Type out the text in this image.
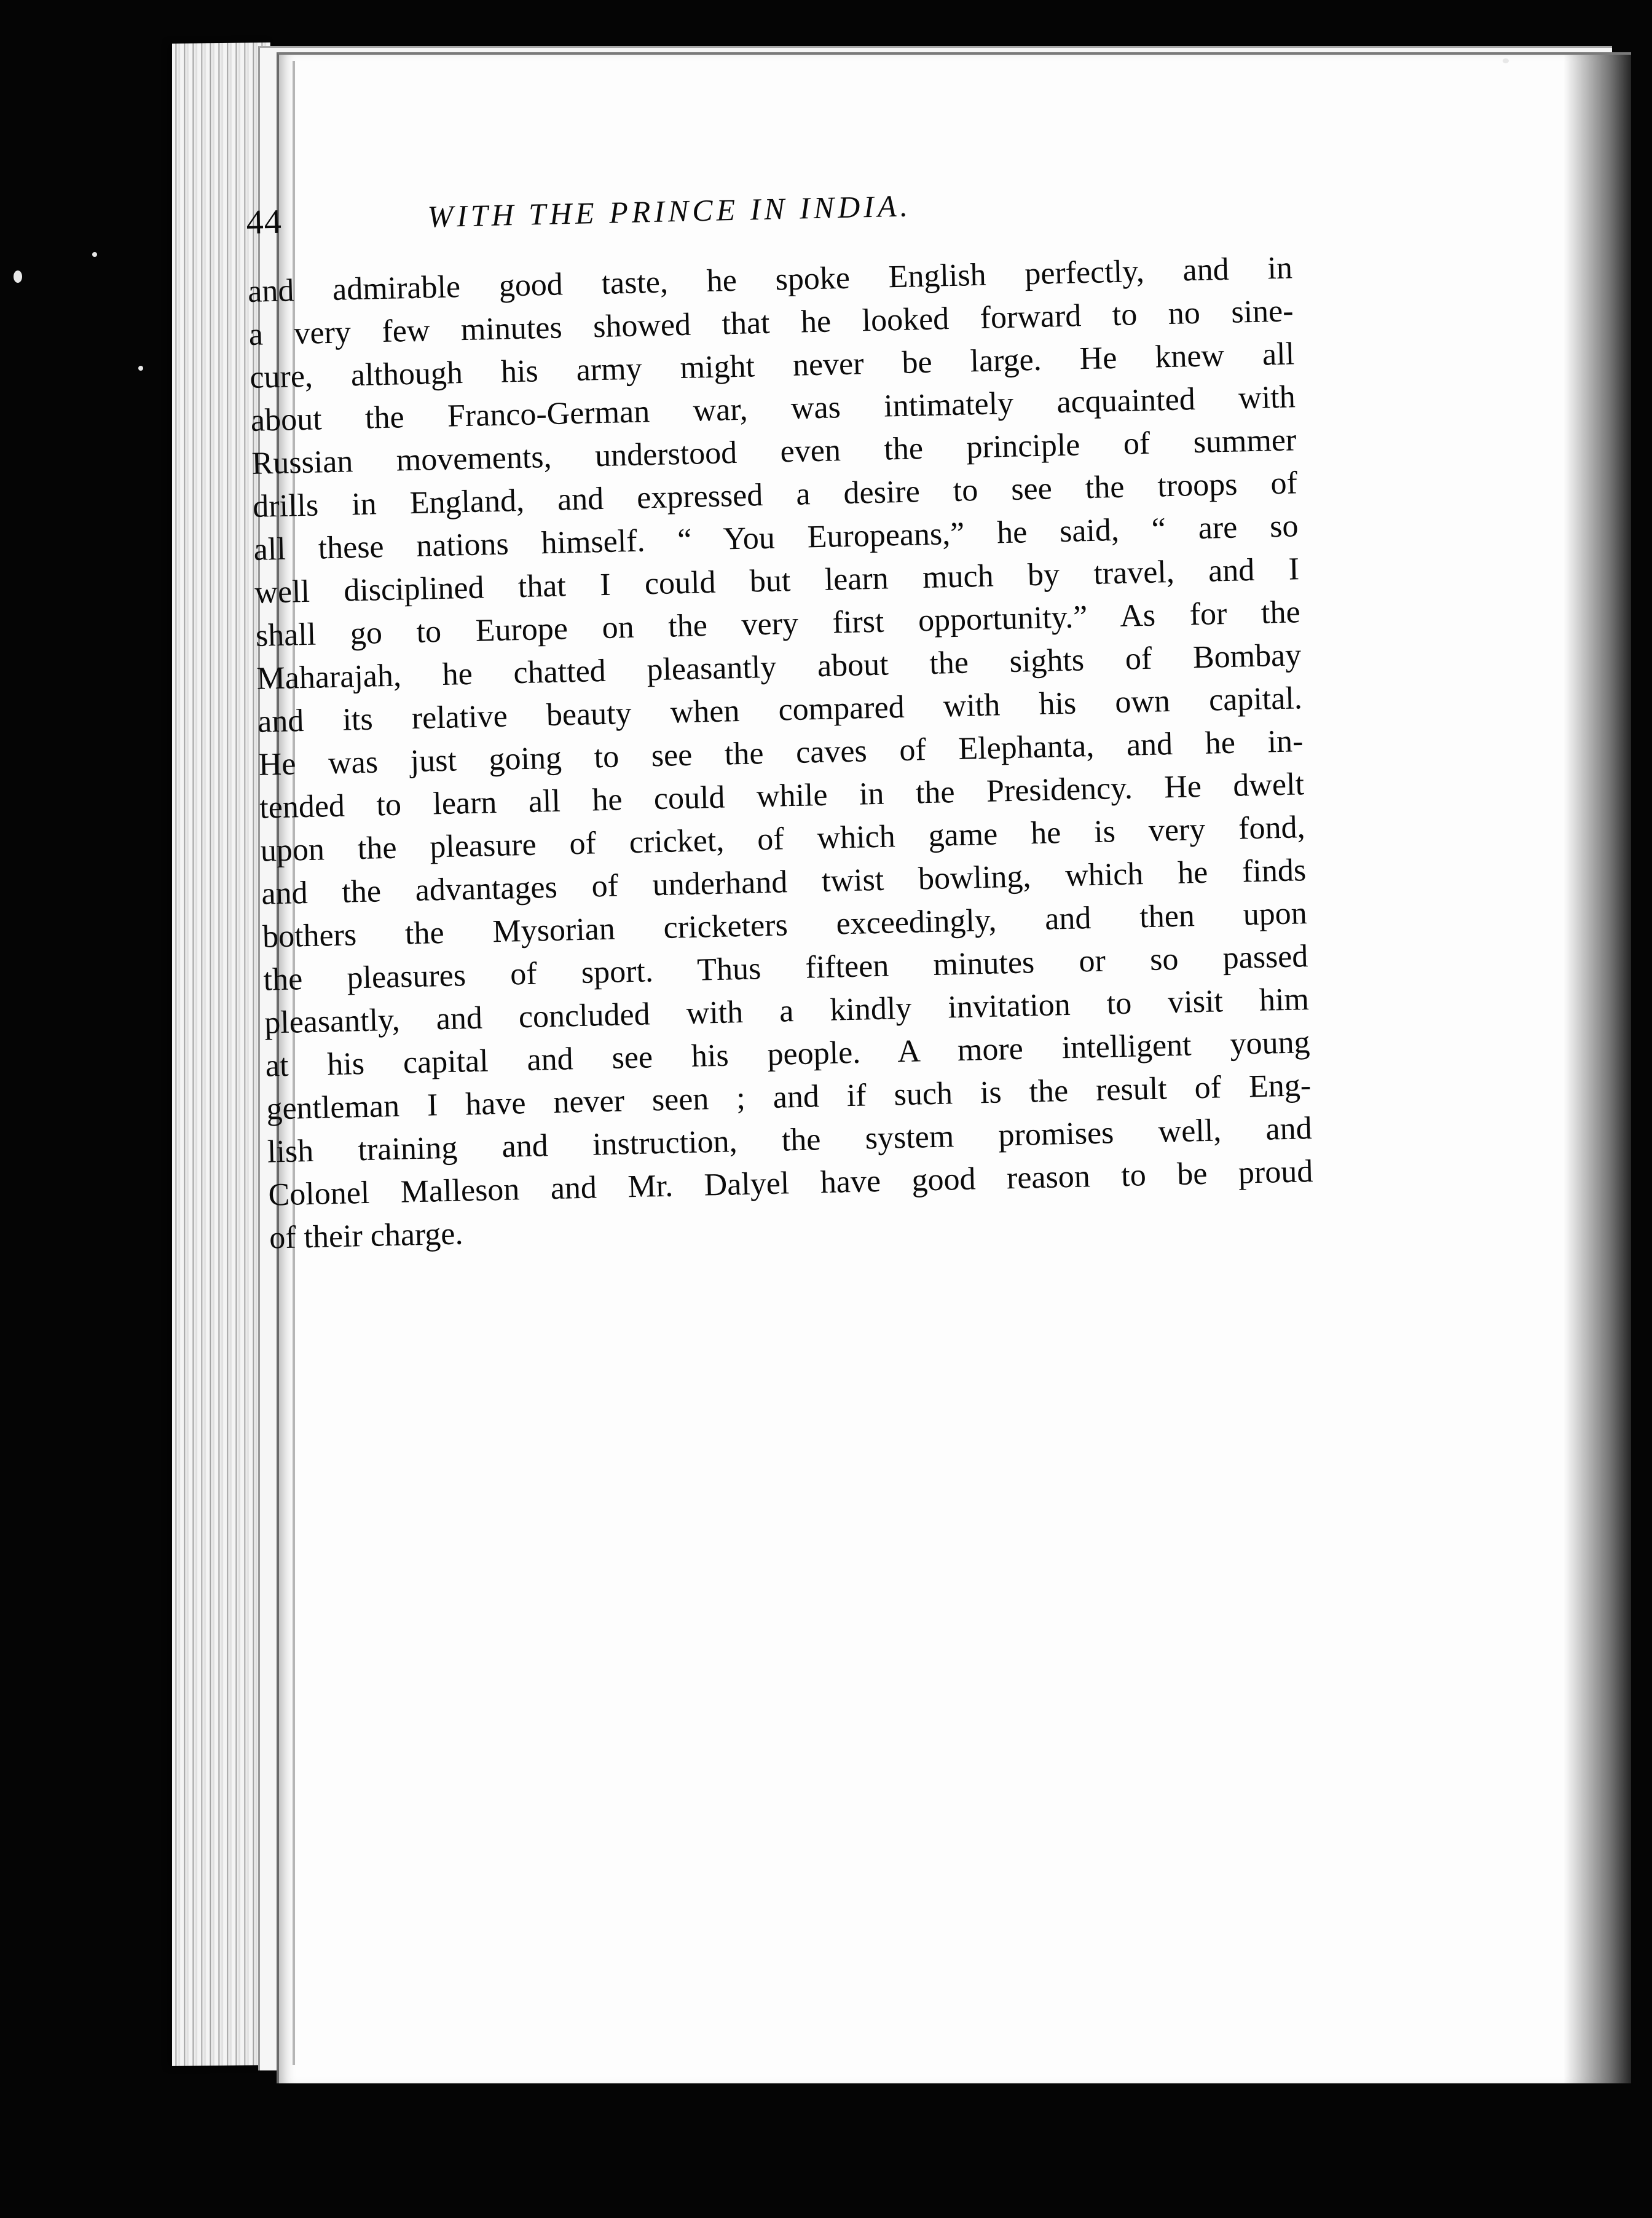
44	WITH THE PRINCE IN INDIA.
and admirable good taste, he spoke English perfectly, and in
a very few minutes showed that he looked forward to no sine-
cure, although his army might never be large. He knew all
about the Franco-German war, was intimately acquainted with
Russian movements, understood even the principle of summer
drills in England, and expressed a desire to see the troops of
all these nations himself. “ You Europeans,” he said, “ are so
well disciplined that I could but learn much by travel, and I
shall go to Europe on the very first opportunity.” As for the
Maharajah, he chatted pleasantly about the sights of Bombay
and its relative beauty when compared with his own capital.
He was just going to see the caves of Elephanta, and he in-
tended to learn all he could while in the Presidency. He dwelt
upon the pleasure of cricket, of which game he is very fond,
and the advantages of underhand twist bowling, which he finds
bothers the Mysorian cricketers exceedingly, and then upon
the pleasures of sport. Thus fifteen minutes or so passed
pleasantly, and concluded with a kindly invitation to visit him
at his capital and see his people. A more intelligent young
gentleman I have never seen ; and if such is the result of Eng-
lish training and instruction, the system promises well, and
Colonel Malleson and Mr. Dalyel have good reason to be proud
of their charge.
